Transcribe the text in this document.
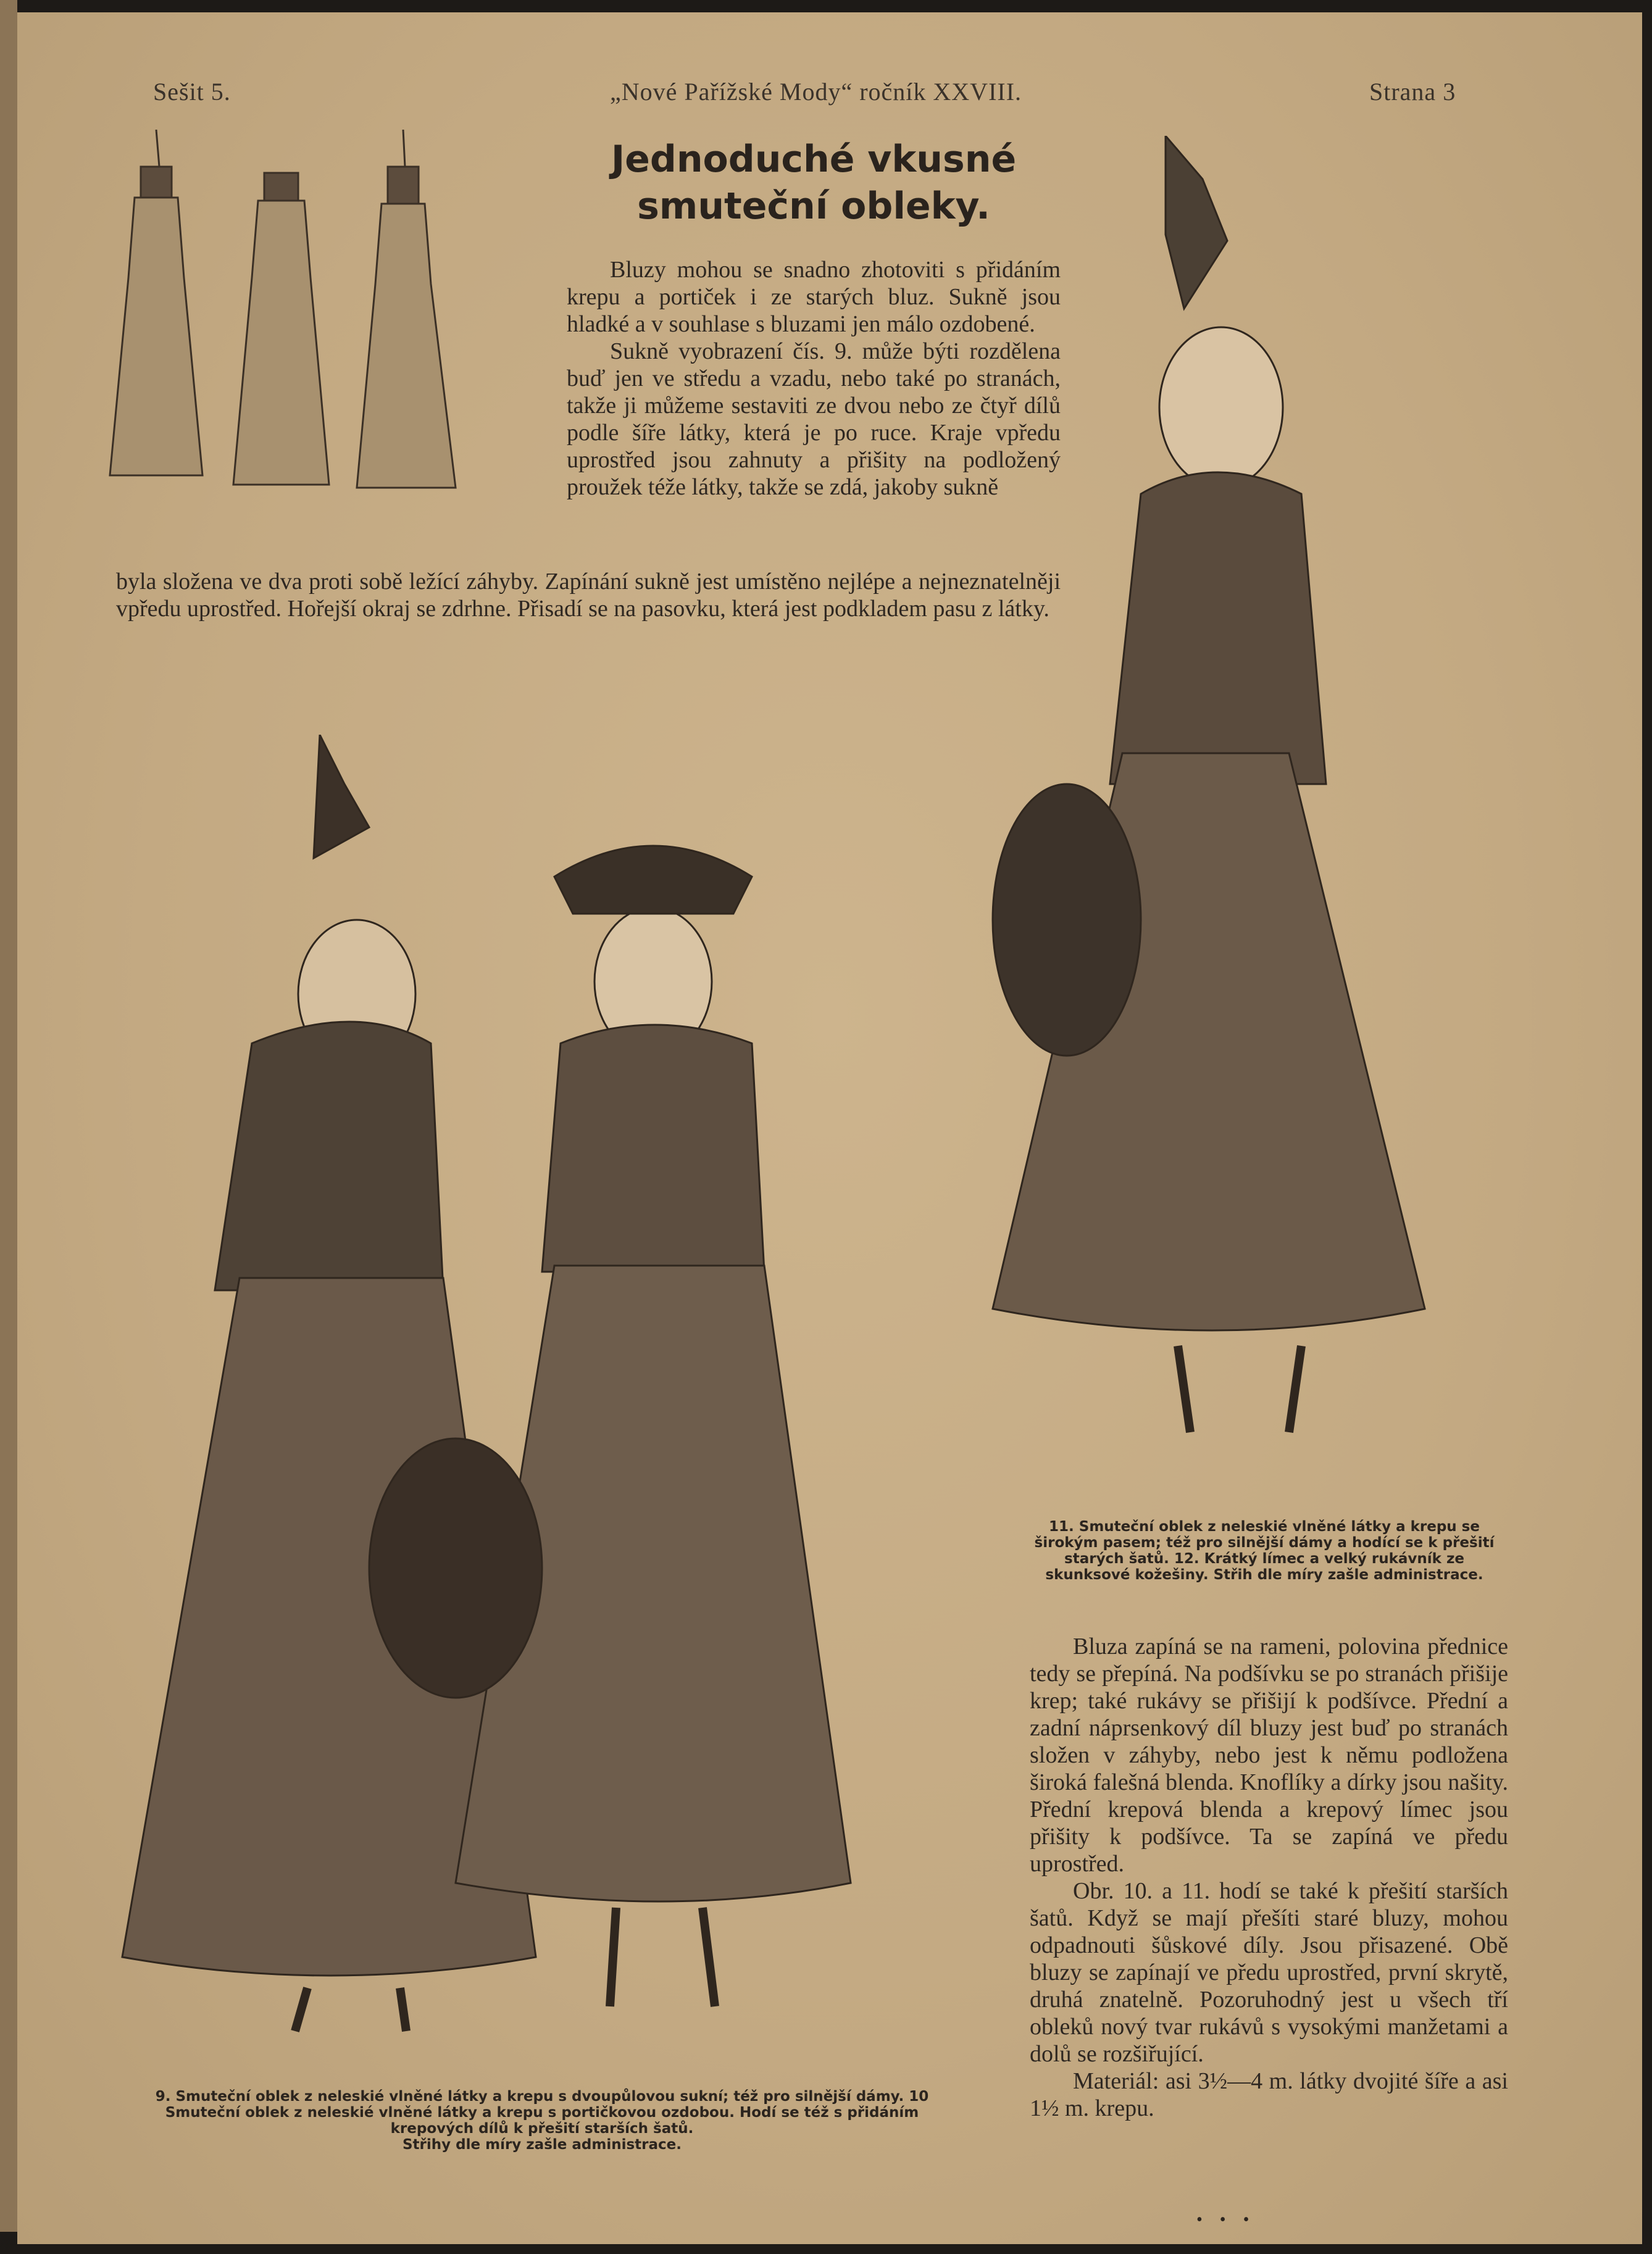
Sešit 5.	„Nové Pařížské Mody“ ročník XXVIII.	Strana 3
Jednoduché vkusné
smuteční obleky.

Bluzy mohou se snadno zhotoviti s přidáním krepu a portiček i ze starých bluz. Sukně jsou hladké a v souhlase s bluzami jen málo ozdobené.

Sukně vyobrazení čís. 9. může býti rozdělena buď jen ve středu a vzadu, nebo také po stranách, takže ji můžeme sestaviti ze dvou nebo ze čtyř dílů podle šíře látky, která je po ruce. Kraje vpředu uprostřed jsou zahnuty a přišity na podložený proužek téže látky, takže se zdá, jakoby sukně

byla složena ve dva proti sobě ležící záhyby. Zapínání sukně jest umístěno nejlépe a nejneznatelněji vpředu uprostřed. Hořejší okraj se zdrhne. Přisadí se na pasovku, která jest podkladem pasu z látky.

11. Smuteční oblek z neleskié vlněné látky a krepu se širokým pasem; též pro silnější dámy a hodící se k přešití starých šatů. 12. Krátký límec a velký rukávník ze skunksové kožešiny. Střih dle míry zašle administrace.
9. Smuteční oblek z neleskié vlněné látky a krepu s dvoupůlovou sukní; též pro silnější dámy. 10 Smuteční oblek z neleskié vlněné látky a krepu s portičkovou ozdobou. Hodí se též s přidáním krepových dílů k přešití starších šatů.
Střihy dle míry zašle administrace.

Bluza zapíná se na rameni, polovina přednice tedy se přepíná. Na podšívku se po stranách přišije krep; také rukávy se přišijí k podšívce. Přední a zadní náprsenkový díl bluzy jest buď po stranách složen v záhyby, nebo jest k němu podložena široká falešná blenda. Knoflíky a dírky jsou našity. Přední krepová blenda a krepový límec jsou přišity k podšívce. Ta se zapíná ve předu uprostřed.

Obr. 10. a 11. hodí se také k přešití starších šatů. Když se mají přešíti staré bluzy, mohou odpadnouti šůskové díly. Jsou přisazené. Obě bluzy se zapínají ve předu uprostřed, první skrytě, druhá znatelně. Pozoruhodný jest u všech tří obleků nový tvar rukávů s vysokými manžetami a dolů se rozšiřující.

Materiál: asi 3½—4 m. látky dvojité šíře a asi 1½ m. krepu.

•    •    •
